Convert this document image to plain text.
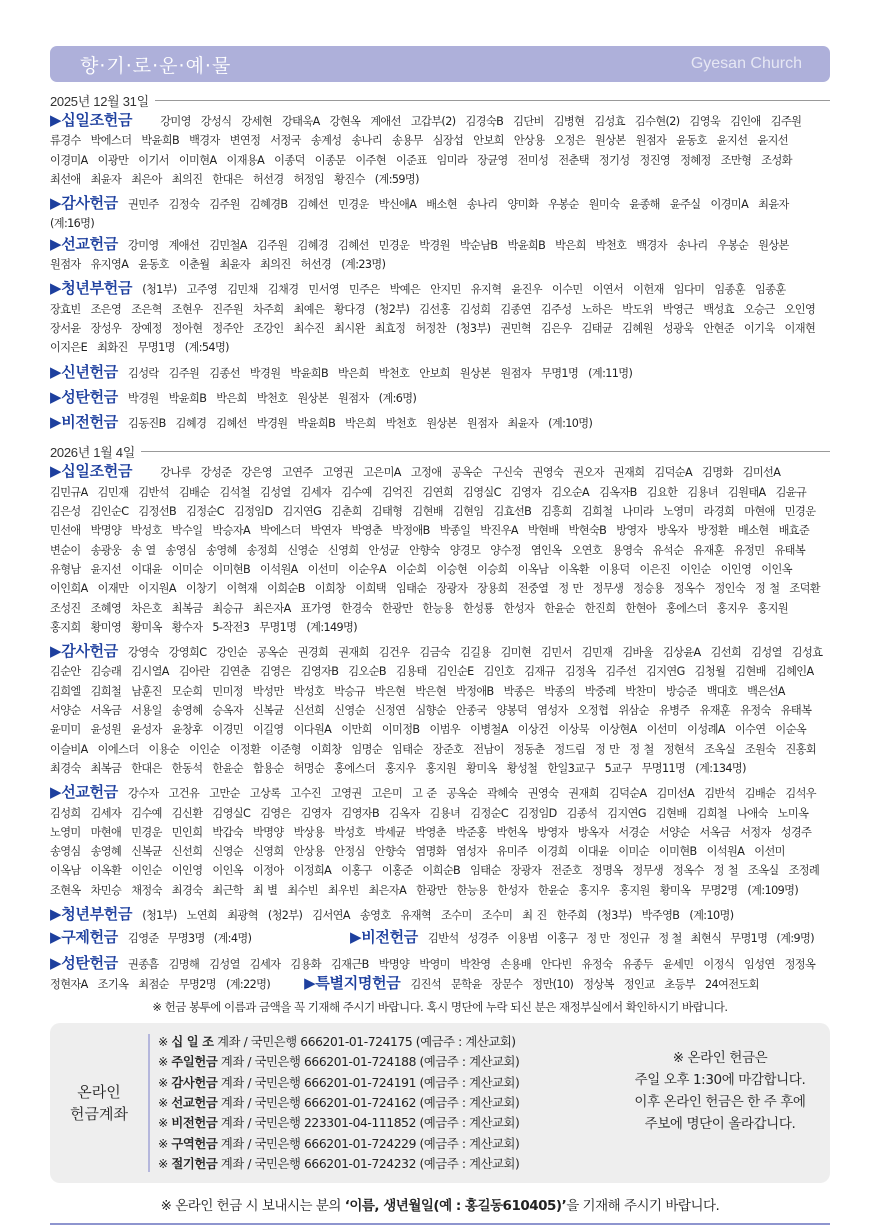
향·기·로·운·예·물	Gyesan Church
2025년 12월 31일
▶십일조헌금	강미영 강성식 강세현 강태욱A 강현옥 계애선 고갑부(2) 김경숙B 김단비 김병현 김성효 김수현(2) 김영욱 김인애 김주원 류경수 박에스더 박윤희B 백경자 변연정 서정국 송계성 송나리 송용무 심장섭 안보희 안상용 오정은 원상본 원점자 윤동호 윤지선 윤지선 이경미A 이광만 이기서 이미현A 이재용A 이종덕 이종문 이주현 이준표 임미라 장균영 전미성 전춘택 정기성 정진영 정혜정 조만형 조성화 최선애 최윤자 최은아 최의진 한대은 허선경 허정임 황진수 (계:59명)
▶감사헌금 권민주 김정숙 김주원 김혜경B 김혜선 민경운 박신애A 배소현 송나리 양미화 우봉순 원미숙 윤종해 윤주실 이경미A 최윤자 (계:16명)
▶선교헌금 강미영 계애선 김민철A 김주원 김혜경 김혜선 민경운 박경원 박순남B 박윤희B 박은희 박천호 백경자 송나리 우봉순 원상본 원점자 유지영A 윤동호 이춘월 최윤자 최의진 허선경 (계:23명)
▶청년부헌금 (청1부) 고주영 김민채 김채경 민서영 민주은 박예은 안지민 유지혁 윤진우 이수민 이연서 이헌재 임다미 임종훈 임종훈 장효빈 조은영 조은혁 조현우 진주원 차주희 최예은 황다경 (청2부) 김선홍 김성희 김종연 김주성 노하은 박도위 박영근 백성효 오승근 오인영 장서윤 장성우 장예정 정아현 정주안 조강인 최수진 최시완 최효정 허정찬 (청3부) 권민혁 김은우 김태균 김혜원 성광욱 안현준 이기욱 이재현 이지은E 최화진 무명1명 (계:54명)
▶신년헌금 김성락 김주원 김종선 박경원 박윤희B 박은희 박천호 안보희 원상본 원점자 무명1명 (계:11명)
▶성탄헌금 박경원 박윤희B 박은희 박천호 원상본 원점자 (계:6명)
▶비전헌금 김동진B 김혜경 김혜선 박경원 박윤희B 박은희 박천호 원상본 원점자 최윤자 (계:10명)
2026년 1월 4일
▶십일조헌금	강나루 강성준 강은영 고연주 고영권 고은미A 고정애 공옥순 구신숙 권영숙 권오자 권재희 김덕순A 김명화 김미선A 김민규A 김민재 김반석 김배순 김석철 김성열 김세자 김수예 김억진 김연희 김영실C 김영자 김오순A 김옥자B 김요한 김용녀 김원태A 김윤규 김은성 김인순C 김정선B 김정순C 김정임D 김지연G 김춘희 김태형 김현배 김현임 김효선B 김흥희 김희철 나미라 노영미 라경희 마현애 민경운 민선애 박명양 박성호 박수일 박승자A 박에스더 박연자 박영춘 박정애B 박종일 박진우A 박현배 박현숙B 방영자 방옥자 방정환 배소현 배효준 변순이 송광웅 송 열 송영심 송영혜 송정희 신영순 신영희 안성균 안향숙 양경모 양수정 염인옥 오연호 용영숙 유석순 유재훈 유정민 유태복 유형남 윤지선 이대윤 이미순 이미현B 이석원A 이선미 이순우A 이순희 이승현 이승희 이옥남 이옥환 이용덕 이은진 이인순 이인영 이인옥 이인희A 이재만 이지원A 이창기 이혁재 이희순B 이희창 이희택 임태순 장광자 장용희 전중열 정 만 정무생 정승용 정옥수 정인숙 정 철 조덕환 조성진 조혜영 차은호 최복금 최승규 최은자A 표가영 한경숙 한광만 한능용 한성룡 한성자 한윤순 한진희 한현아 홍에스더 홍지우 홍지원 홍지희 황미영 황미옥 황수자 5-작전3 무명1명 (계:149명)
▶감사헌금 강영숙 강영희C 강인순 공옥순 권경희 권재희 김건우 김금숙 김길용 김미현 김민서 김민재 김바울 김상윤A 김선희 김성열 김성효 김순안 김승래 김시열A 김아란 김연춘 김영은 김영자B 김오순B 김용태 김인순E 김인호 김재규 김정옥 김주선 김지연G 김청월 김현배 김혜인A 김희엘 김희철 남훈진 모순희 민미정 박성만 박성호 박승규 박은현 박은현 박정애B 박종은 박종의 박중례 박찬미 방승준 백대호 백은선A 서양순 서옥금 서용일 송영혜 승옥자 신복균 신선희 신영순 신정연 심향순 안종국 양봉덕 염성자 오정협 위삼순 유병주 유재훈 유정숙 유태복 윤미미 윤성원 윤성자 윤창후 이경민 이길영 이다원A 이만희 이미정B 이범우 이병철A 이상건 이상묵 이상현A 이선미 이성례A 이수연 이순옥 이슬비A 이에스더 이용순 이인순 이정환 이준형 이희창 임명순 임태순 장준호 전남이 정동춘 정드림 정 만 정 철 정현석 조옥실 조원숙 진홍회 최경숙 최복금 한대은 한동석 한윤순 함용순 허명순 홍에스더 홍지우 홍지원 황미옥 황성철 한일3교구 5교구 무명11명 (계:134명)
▶선교헌금 강수자 고건유 고만순 고상록 고수진 고영권 고은미 고 준 공옥순 곽혜숙 권영숙 권재희 김덕순A 김미선A 김반석 김배순 김석우 김성희 김세자 김수예 김신환 김영실C 김영은 김영자 김영자B 김옥자 김용녀 김정순C 김정임D 김종석 김지연G 김현배 김희철 나애숙 노미옥 노영미 마현애 민경운 민인희 박갑숙 박명양 박상용 박성호 박세균 박영춘 박준홍 박헌옥 방영자 방옥자 서경순 서양순 서옥금 서정자 성경주 송영심 송영혜 신복균 신선희 신영순 신영희 안상용 안정심 안향숙 염명화 염성자 유미주 이경희 이대윤 이미순 이미현B 이석원A 이선미 이옥남 이옥환 이인순 이인영 이인옥 이정아 이정희A 이홍구 이홍준 이희순B 임태순 장광자 전준호 정명옥 정무생 정옥수 정 철 조옥실 조정례 조현옥 차민승 채정숙 최경숙 최근학 최 별 최수빈 최우빈 최은자A 한광만 한능용 한성자 한윤순 홍지우 홍지원 황미옥 무명2명 (계:109명)
▶청년부헌금 (청1부) 노연희 최광혁 (청2부) 김서연A 송영호 유재혁 조수미 조수미 최 진 한주희 (청3부) 박주영B (계:10명)
▶구제헌금 김영준 무명3명 (계:4명)	▶비전헌금 김반석 성경주 이용범 이홍구 정 만 정인규 정 철 최현식 무명1명 (계:9명)
▶성탄헌금 권종흠 김명해 김성열 김세자 김용화 김재근B 박명양 박영미 박찬영 손용배 안다빈 유정숙 유종두 윤세민 이정식 임성연 정정옥 정현자A 조기옥 최점순 무명2명 (계:22명) ▶특별지명헌금 김진석 문학윤 장문수 정만(10) 정상복 정인교 초등부 24여전도회
※ 헌금 봉투에 이름과 금액을 꼭 기재해 주시기 바랍니다. 혹시 명단에 누락 되신 분은 재정부실에서 확인하시기 바랍니다.
온라인
헌금계좌
※ 십 일 조 계좌 / 국민은행 666201-01-724175 (예금주 : 계산교회)
※ 주일헌금 계좌 / 국민은행 666201-01-724188 (예금주 : 계산교회)
※ 감사헌금 계좌 / 국민은행 666201-01-724191 (예금주 : 계산교회)
※ 선교헌금 계좌 / 국민은행 666201-01-724162 (예금주 : 계산교회)
※ 비전헌금 계좌 / 국민은행 223301-04-111852 (예금주 : 계산교회)
※ 구역헌금 계좌 / 국민은행 666201-01-724229 (예금주 : 계산교회)
※ 절기헌금 계좌 / 국민은행 666201-01-724232 (예금주 : 계산교회)
※ 온라인 헌금은
주일 오후 1:30에 마감합니다.
이후 온라인 헌금은 한 주 후에
주보에 명단이 올라갑니다.
※ 온라인 헌금 시 보내시는 분의 ‘이름, 생년월일(예 : 홍길동610405)’을 기재해 주시기 바랍니다.
